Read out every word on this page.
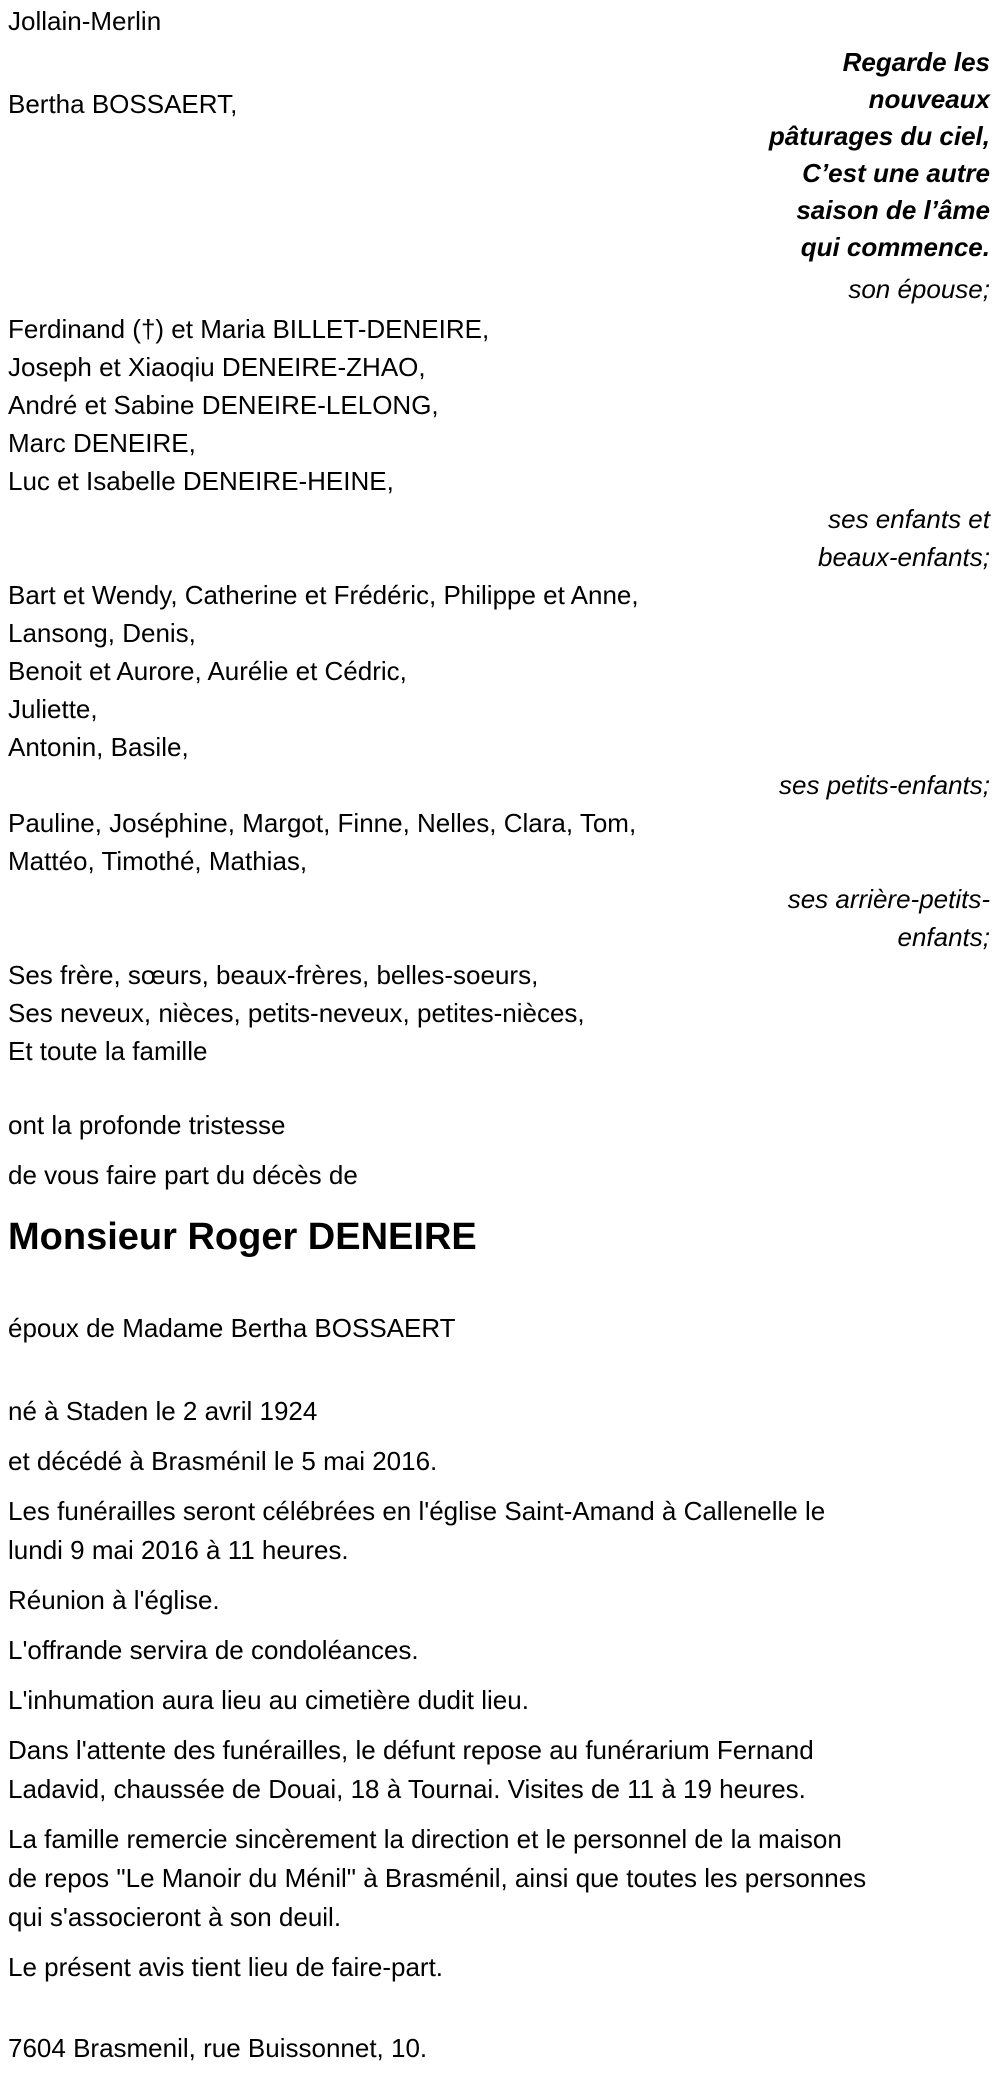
Jollain-Merlin
Bertha BOSSAERT,
Regarde les
nouveaux
pâturages du ciel,
C’est une autre
saison de l’âme
qui commence.
son épouse;
Ferdinand (†) et Maria BILLET-DENEIRE,
Joseph et Xiaoqiu DENEIRE-ZHAO,
André et Sabine DENEIRE-LELONG,
Marc DENEIRE,
Luc et Isabelle DENEIRE-HEINE,
ses enfants et
beaux-enfants;
Bart et Wendy, Catherine et Frédéric, Philippe et Anne,
Lansong, Denis,
Benoit et Aurore, Aurélie et Cédric,
Juliette,
Antonin, Basile,
ses petits-enfants;
Pauline, Joséphine, Margot, Finne, Nelles, Clara, Tom,
Mattéo, Timothé, Mathias,
ses arrière-petits-
enfants;
Ses frère, sœurs, beaux-frères, belles-soeurs,
Ses neveux, nièces, petits-neveux, petites-nièces,
Et toute la famille
ont la profonde tristesse
de vous faire part du décès de
Monsieur Roger DENEIRE
époux de Madame Bertha BOSSAERT
né à Staden le 2 avril 1924
et décédé à Brasménil le 5 mai 2016.
Les funérailles seront célébrées en l'église Saint-Amand à Callenelle le
lundi 9 mai 2016 à 11 heures.
Réunion à l'église.
L'offrande servira de condoléances.
L'inhumation aura lieu au cimetière dudit lieu.
Dans l'attente des funérailles, le défunt repose au funérarium Fernand
Ladavid, chaussée de Douai, 18 à Tournai. Visites de 11 à 19 heures.
La famille remercie sincèrement la direction et le personnel de la maison
de repos "Le Manoir du Ménil" à Brasménil, ainsi que toutes les personnes
qui s'associeront à son deuil.
Le présent avis tient lieu de faire-part.
7604 Brasmenil, rue Buissonnet, 10.
